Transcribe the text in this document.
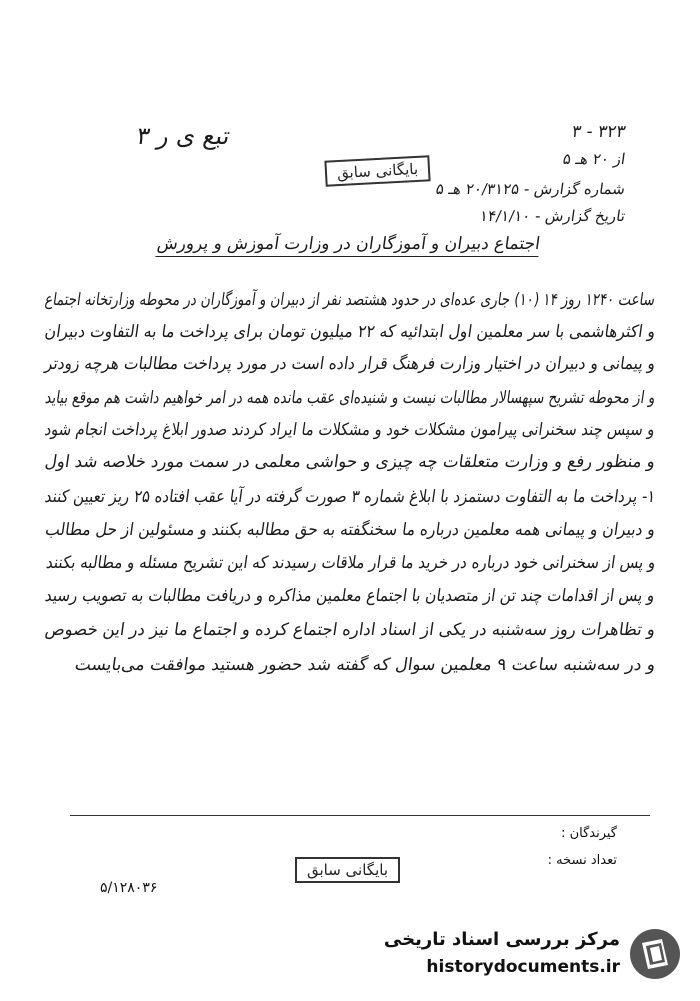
تبع ی ر ۳	۳۲۳ - ۳
از ۲۰ هـ ۵
بایگانی سابق
شماره گزارش - ۲۰/۳۱۲۵ هـ ۵
تاریخ گزارش - ۱۴/۱/۱۰
اجتماع دبیران و آموزگاران در وزارت آموزش و پرورش
ساعت ۱۲۴۰ روز ۱۴ (۱۰) جاری عده‌ای در حدود هشتصد نفر از دبیران و آموزگاران در محوطه وزارتخانه اجتماع
و اکثرهاشمی با سر معلمین اول ابتدائیه که ۲۲ میلیون تومان برای پرداخت ما به التفاوت دبیران
و پیمانی و دبیران در اختیار وزارت فرهنگ قرار داده است در مورد پرداخت مطالبات هرچه زودتر
و از محوطه تشریح سپهسالار مطالبات نیست و شنیده‌ای عقب مانده همه در امر خواهیم داشت هم موقع بیاید
و سپس چند سخنرانی پیرامون مشکلات خود و مشکلات ما ایراد کردند صدور ابلاغ پرداخت انجام شود
و منظور رفع و وزارت متعلقات چه چیزی و حواشی معلمی در سمت مورد خلاصه شد اول
۱- پرداخت ما به التفاوت دستمزد با ابلاغ شماره ۳ صورت گرفته در آیا عقب افتاده ۲۵ ریز تعیین کنند
و دبیران و پیمانی همه معلمین درباره ما سخنگفته به حق مطالبه بکنند و مسئولین از حل مطالب
و پس از سخنرانی خود درباره در خرید ما قرار ملاقات رسیدند که این تشریح مسئله و مطالبه بکنند
و پس از اقدامات چند تن از متصدیان با اجتماع معلمین مذاکره و دریافت مطالبات به تصویب رسید
و تظاهرات روز سه‌شنبه در یکی از اسناد اداره اجتماع کرده و اجتماع ما نیز در این خصوص
و در سه‌شنبه ساعت ۹ معلمین سوال که گفته شد حضور هستید موافقت می‌بایست
گیرندگان :
تعداد نسخه :
بایگانی سابق
۵/۱۲۸۰۳۶
مرکز بررسی اسناد تاریخی
historydocuments.ir
